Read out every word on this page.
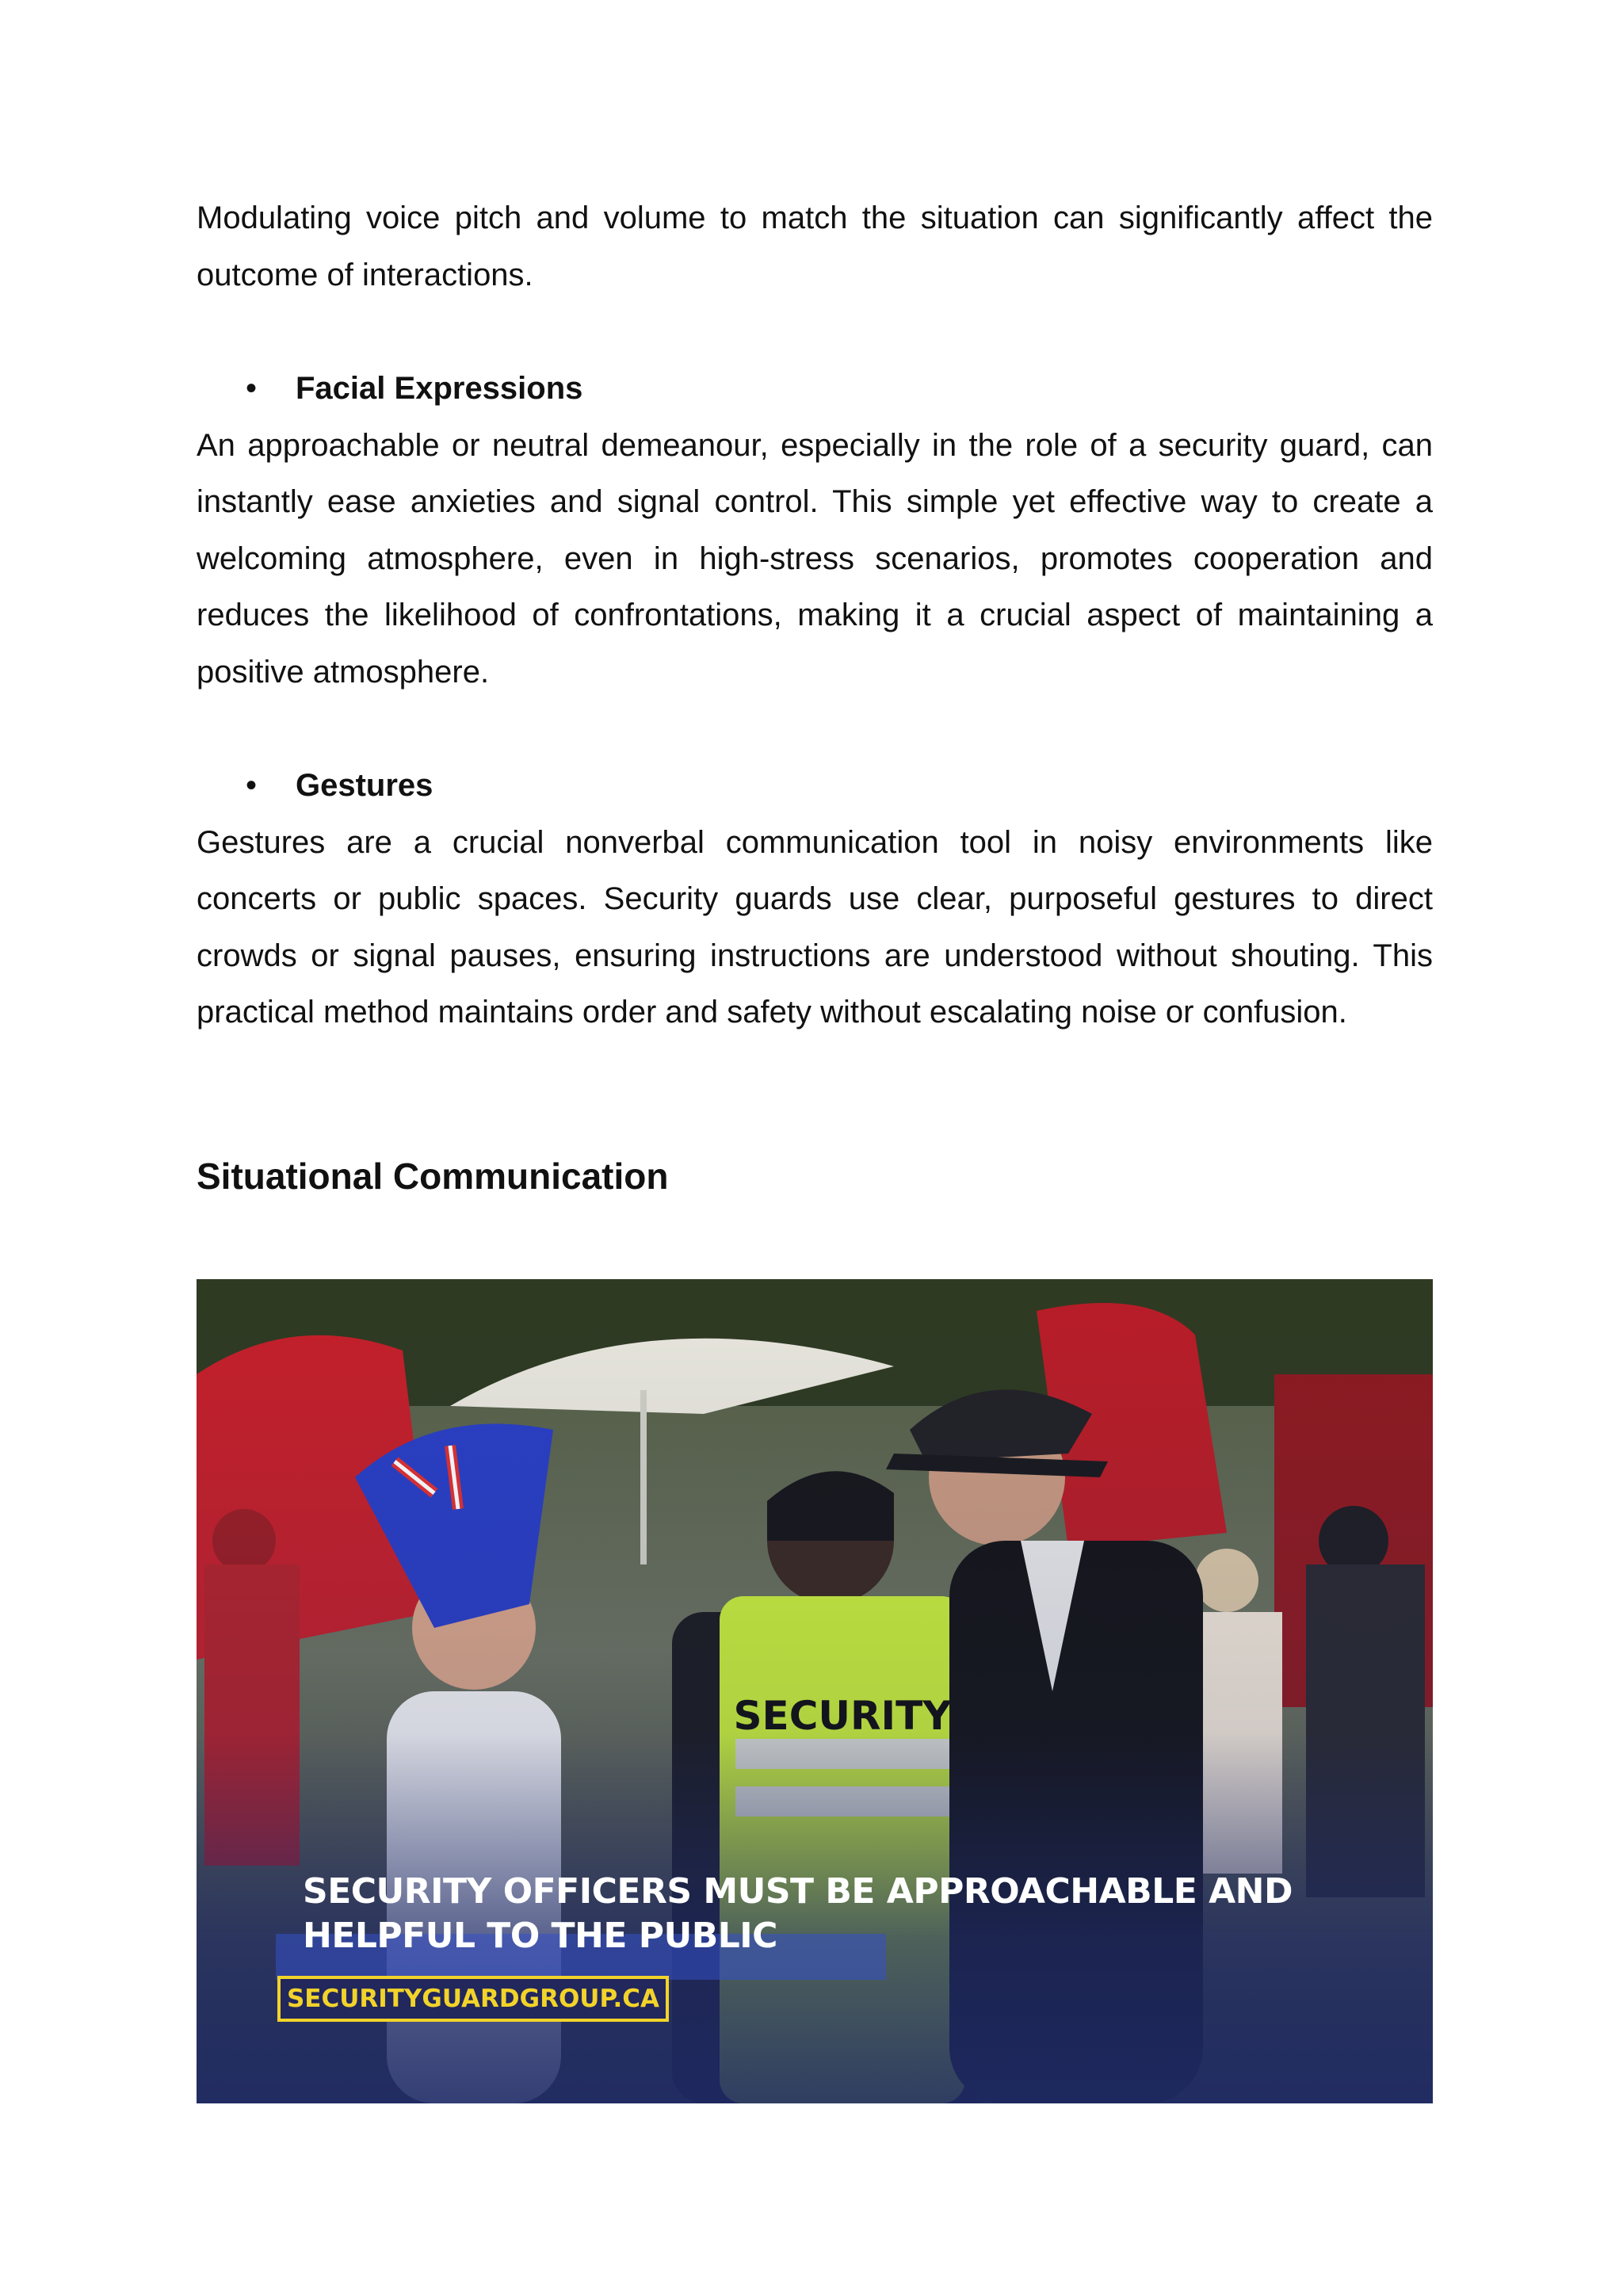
Modulating voice pitch and volume to match the situation can significantly affect the outcome of interactions.

• Facial Expressions

An approachable or neutral demeanour, especially in the role of a security guard, can instantly ease anxieties and signal control. This simple yet effective way to create a welcoming atmosphere, even in high-stress scenarios, promotes cooperation and reduces the likelihood of confrontations, making it a crucial aspect of maintaining a positive atmosphere.

• Gestures

Gestures are a crucial nonverbal communication tool in noisy environments like concerts or public spaces. Security guards use clear, purposeful gestures to direct crowds or signal pauses, ensuring instructions are understood without shouting. This practical method maintains order and safety without escalating noise or confusion.

Situational Communication
SECURITY OFFICERS MUST BE APPROACHABLE AND
HELPFUL TO THE PUBLIC
SECURITYGUARDGROUP.CA
